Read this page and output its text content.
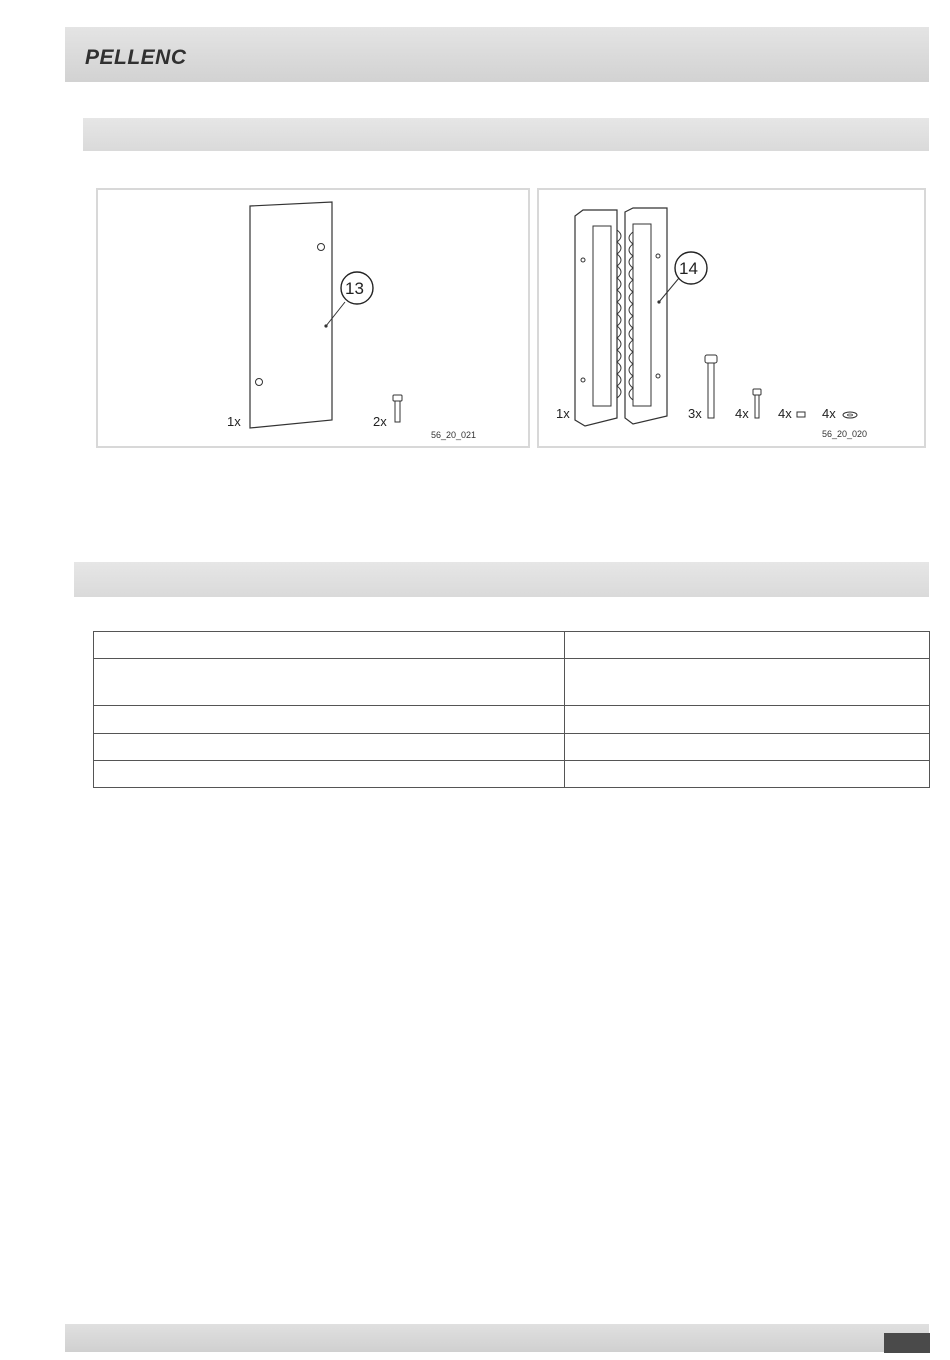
PELLENC
13
1x	2x
56_20_021
14
1x	3x	4x 4x 4x
56_20_020
